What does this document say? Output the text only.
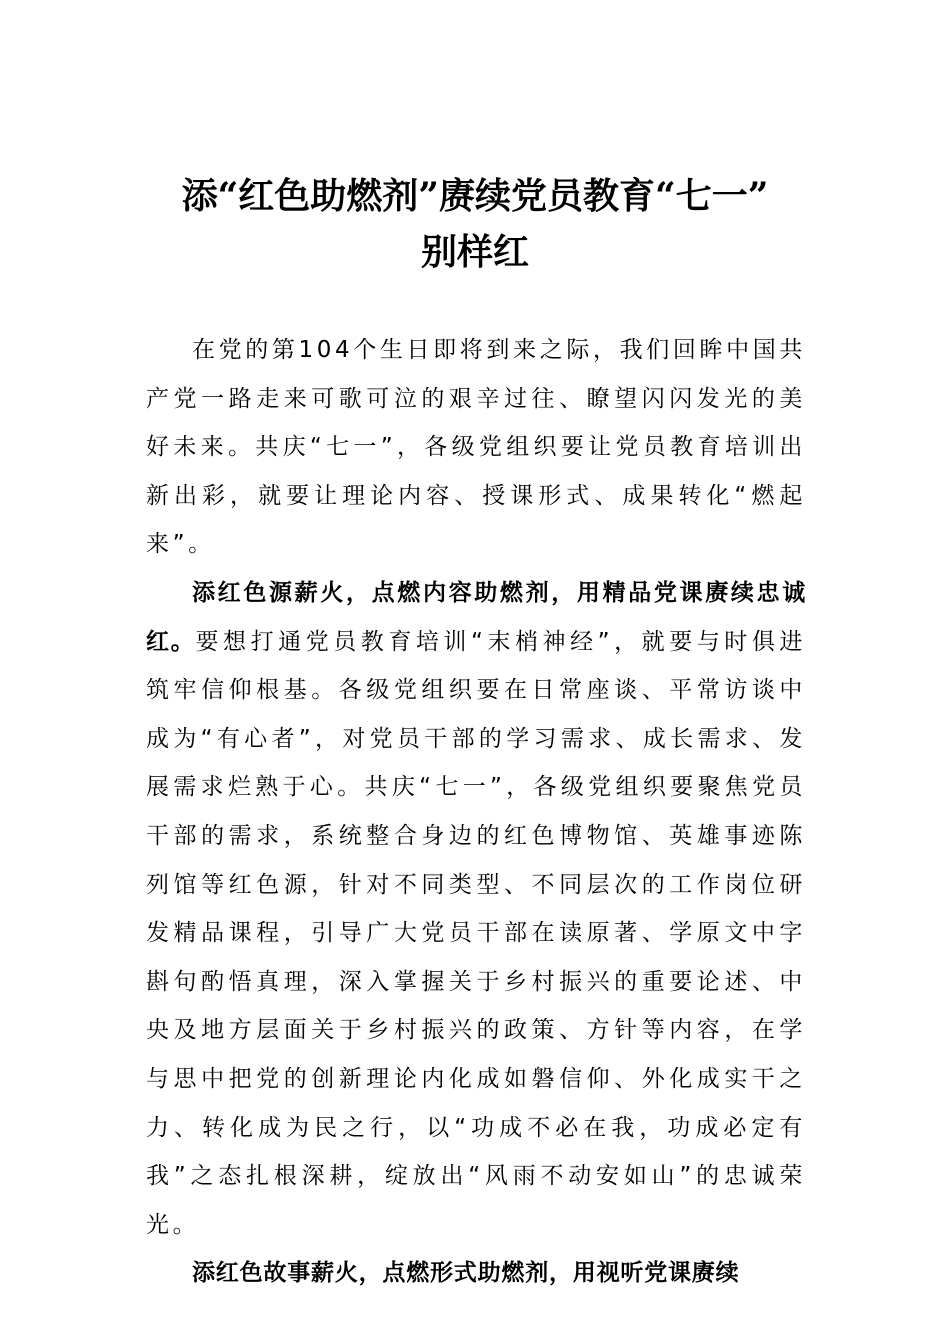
添“红色助燃剂”赓续党员教育“七一”
别样红

在党的第104个生日即将到来之际，我们回眸中国共产党一路走来可歌可泣的艰辛过往、瞭望闪闪发光的美好未来。共庆“七一”，各级党组织要让党员教育培训出新出彩，就要让理论内容、授课形式、成果转化“燃起来”。

添红色源薪火，点燃内容助燃剂，用精品党课赓续忠诚红。要想打通党员教育培训“末梢神经”，就要与时俱进筑牢信仰根基。各级党组织要在日常座谈、平常访谈中成为“有心者”，对党员干部的学习需求、成长需求、发展需求烂熟于心。共庆“七一”，各级党组织要聚焦党员干部的需求，系统整合身边的红色博物馆、英雄事迹陈列馆等红色源，针对不同类型、不同层次的工作岗位研发精品课程，引导广大党员干部在读原著、学原文中字斟句酌悟真理，深入掌握关于乡村振兴的重要论述、中央及地方层面关于乡村振兴的政策、方针等内容，在学与思中把党的创新理论内化成如磐信仰、外化成实干之力、转化成为民之行，以“功成不必在我，功成必定有我”之态扎根深耕，绽放出“风雨不动安如山”的忠诚荣光。

添红色故事薪火，点燃形式助燃剂，用视听党课赓续
